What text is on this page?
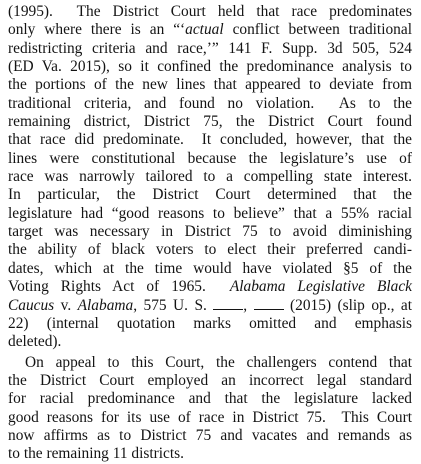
(1995).  The District Court held that race predominates
only where there is an “‘actual conflict between traditional
redistricting criteria and race,’” 141 F. Supp. 3d 505, 524
(ED Va. 2015), so it confined the predominance analysis to
the portions of the new lines that appeared to deviate from
traditional criteria, and found no violation.  As to the
remaining district, District 75, the District Court found
that race did predominate.  It concluded, however, that the
lines were constitutional because the legislature’s use of
race was narrowly tailored to a compelling state interest.
In particular, the District Court determined that the
legislature had “good reasons to believe” that a 55% racial
target was necessary in District 75 to avoid diminishing
the ability of black voters to elect their preferred candi-
dates, which at the time would have violated §5 of the
Voting Rights Act of 1965.  Alabama Legislative Black
Caucus v. Alabama, 575 U. S. ,  (2015) (slip op., at
22) (internal quotation marks omitted and emphasis
deleted).
On appeal to this Court, the challengers contend that
the District Court employed an incorrect legal standard
for racial predominance and that the legislature lacked
good reasons for its use of race in District 75.  This Court
now affirms as to District 75 and vacates and remands as
to the remaining 11 districts.
